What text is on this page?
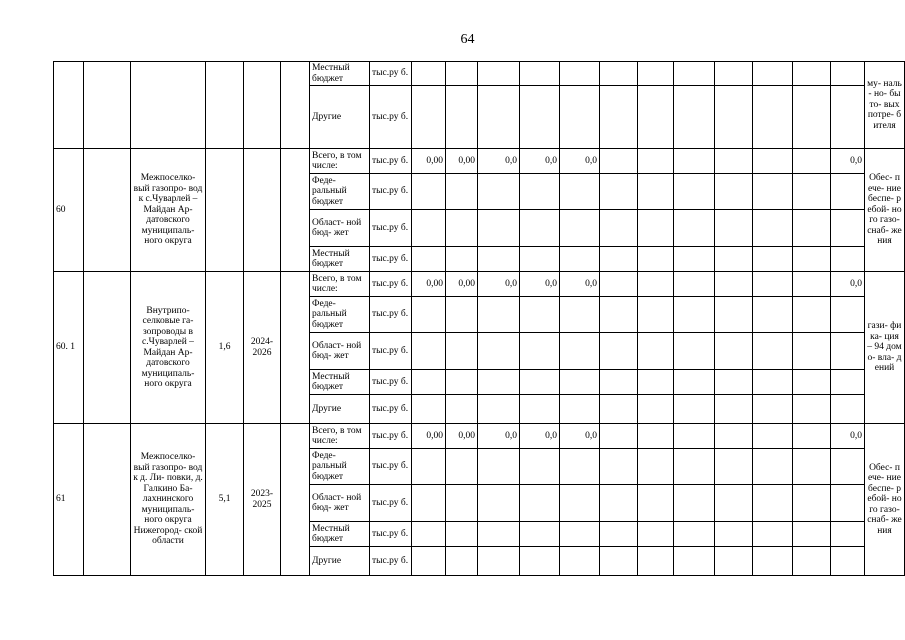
64
						Местный бюджет	тыс.ру б.													му- наль- но- быто- вых потре- бителя
						Другие	тыс.ру б.													
60		Межпоселко- вый газопро- вод к с.Чуварлей – Майдан Ар- датовского муниципаль- ного округа				Всего, в том числе:	тыс.ру б.	0,00	0,00	0,0	0,0	0,0							0,0	Обес- пече- ние беспе- ребой- ного газо- снаб- жения
						Феде- ральный бюджет	тыс.ру б.													
						Област- ной бюд- жет	тыс.ру б.													
						Местный бюджет	тыс.ру б.													
60. 1		Внутрипо- селковые га- зопроводы в с.Чуварлей – Майдан Ар- датовского муниципаль- ного округа	1,6	2024- 2026		Всего, в том числе:	тыс.ру б.	0,00	0,00	0,0	0,0	0,0							0,0	гази- фика- ция – 94 домо- вла- дений
						Феде- ральный бюджет	тыс.ру б.													
						Област- ной бюд- жет	тыс.ру б.													
						Местный бюджет	тыс.ру б.													
						Другие	тыс.ру б.													
61		Межпоселко- вый газопро- вод к д. Ли- повки, д. Галкино Ба- лахнинского муниципаль- ного округа Нижегород- ской области	5,1	2023- 2025		Всего, в том числе:	тыс.ру б.	0,00	0,00	0,0	0,0	0,0							0,0	Обес- пече- ние беспе- ребой- ного газо- снаб- жения
						Феде- ральный бюджет	тыс.ру б.													
						Област- ной бюд- жет	тыс.ру б.													
						Местный бюджет	тыс.ру б.													
						Другие	тыс.ру б.													
